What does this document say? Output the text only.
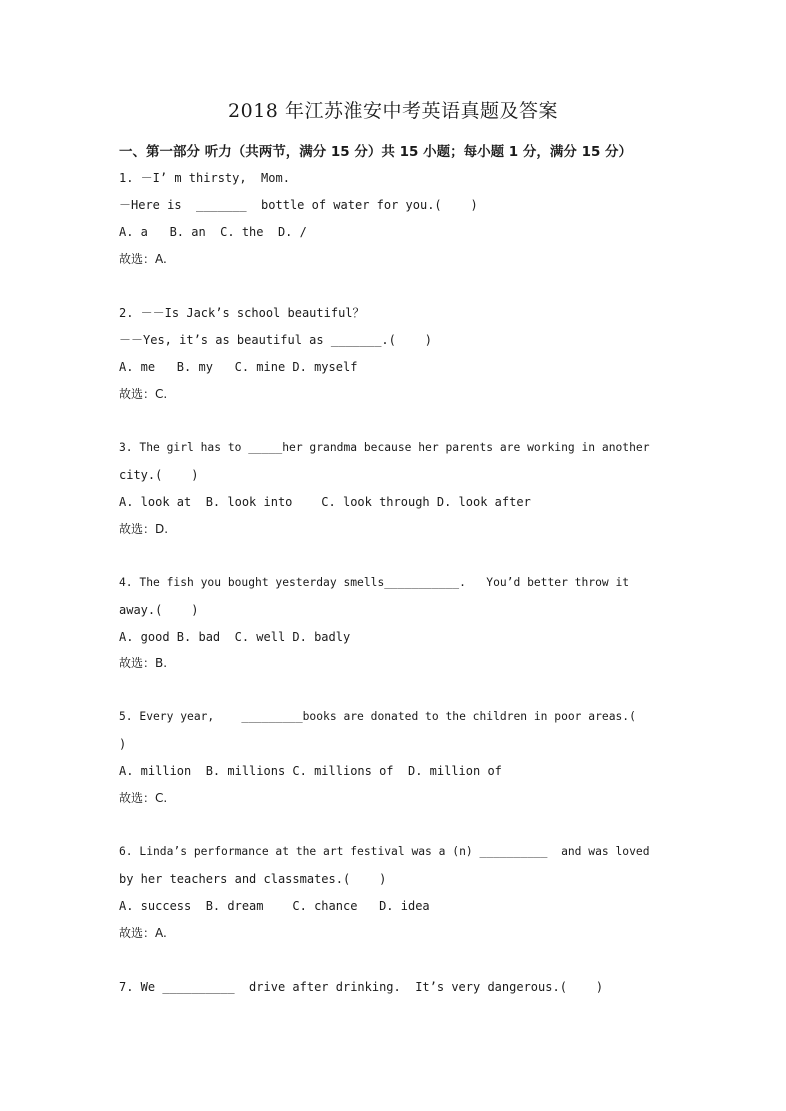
2018 年江苏淮安中考英语真题及答案
一、第一部分 听力（共两节，满分 15 分）共 15 小题；每小题 1 分，满分 15 分）
1. －I’ m thirsty,  Mom.
－Here is  _______  bottle of water for you.(    )
A. a   B. an  C. the  D. /
故选：A.
2. －－Is Jack’s school beautiful？
－－Yes, it’s as beautiful as _______.(    )
A. me   B. my   C. mine D. myself
故选：C.
3. The girl has to _____her grandma because her parents are working in another
city.(    )
A. look at  B. look into    C. look through D. look after
故选：D.
4. The fish you bought yesterday smells___________.   You’d better throw it
away.(    )
A. good B. bad  C. well D. badly
故选：B.
5. Every year,    _________books are donated to the children in poor areas.(
)
A. million  B. millions C. millions of  D. million of
故选：C.
6. Linda’s performance at the art festival was a (n) __________  and was loved
by her teachers and classmates.(    )
A. success  B. dream    C. chance   D. idea
故选：A.
7. We __________  drive after drinking.  It’s very dangerous.(    )
